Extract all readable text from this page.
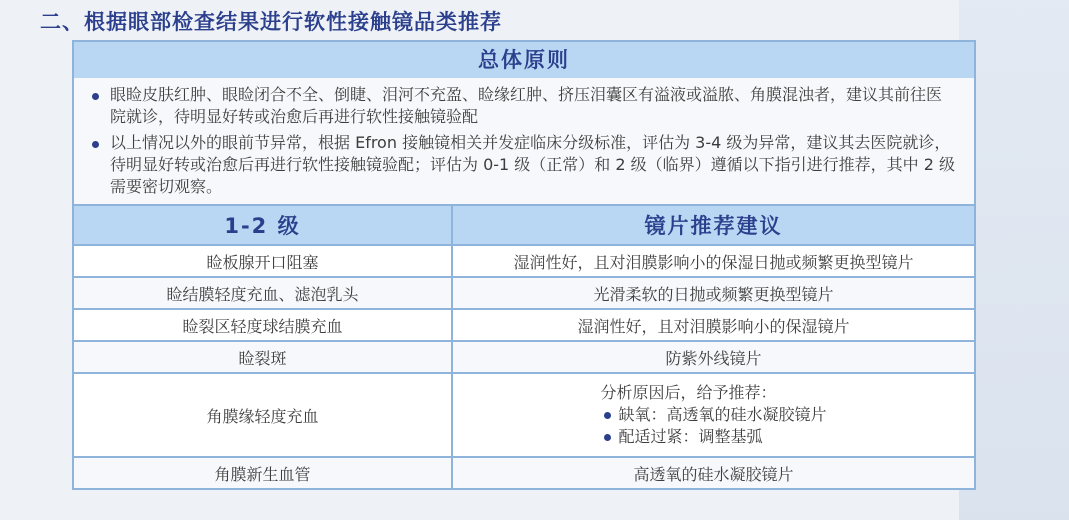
二、根据眼部检查结果进行软性接触镜品类推荐
总体原则

眼睑皮肤红肿、眼睑闭合不全、倒睫、泪河不充盈、睑缘红肿、挤压泪囊区有溢液或溢脓、角膜混浊者，建议其前往医院就诊，待明显好转或治愈后再进行软性接触镜验配

以上情况以外的眼前节异常，根据 Efron 接触镜相关并发症临床分级标准，评估为 3-4 级为异常，建议其去医院就诊，待明显好转或治愈后再进行软性接触镜验配；评估为 0-1 级（正常）和 2 级（临界）遵循以下指引进行推荐，其中 2 级需要密切观察。

1-2 级	镜片推荐建议
睑板腺开口阻塞	湿润性好，且对泪膜影响小的保湿日抛或频繁更换型镜片
睑结膜轻度充血、滤泡乳头	光滑柔软的日抛或频繁更换型镜片
睑裂区轻度球结膜充血	湿润性好，且对泪膜影响小的保湿镜片
睑裂斑	防紫外线镜片
角膜缘轻度充血	分析原因后，给予推荐：
缺氧：高透氧的硅水凝胶镜片
配适过紧：调整基弧

角膜新生血管	高透氧的硅水凝胶镜片
